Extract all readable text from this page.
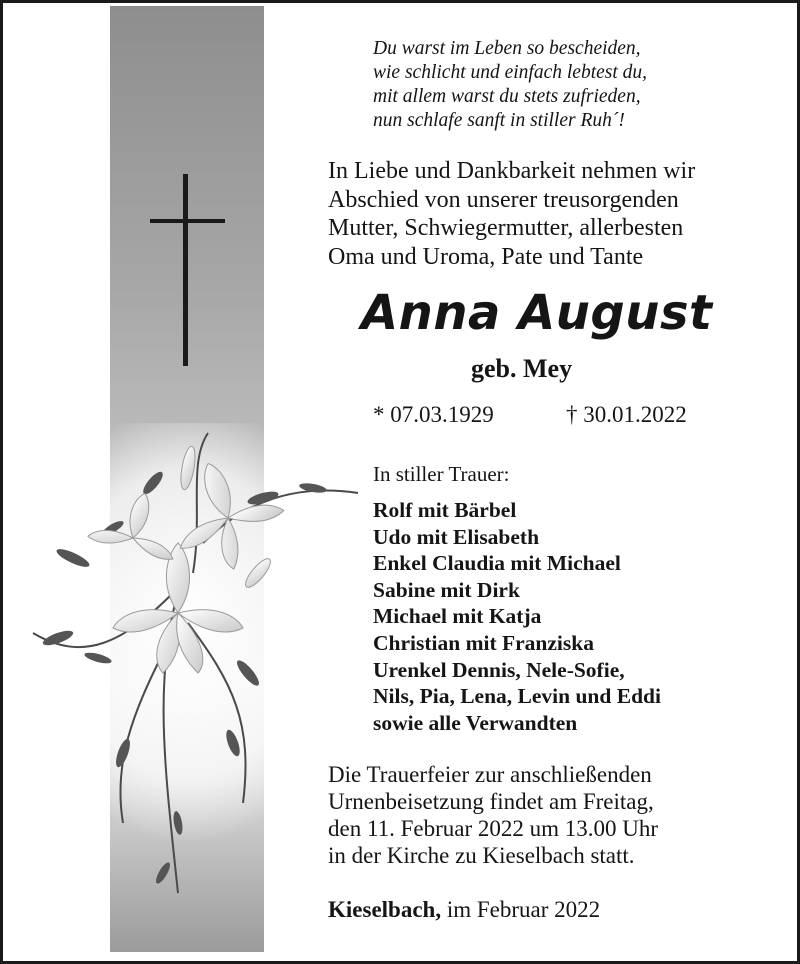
Du warst im Leben so bescheiden,
wie schlicht und einfach lebtest du,
mit allem warst du stets zufrieden,
nun schlafe sanft in stiller Ruh´!
In Liebe und Dankbarkeit nehmen wir
Abschied von unserer treusorgenden
Mutter, Schwiegermutter, allerbesten
Oma und Uroma, Pate und Tante
Anna August
geb. Mey
* 07.03.1929	† 30.01.2022
In stiller Trauer:
Rolf mit Bärbel
Udo mit Elisabeth
Enkel Claudia mit Michael
Sabine mit Dirk
Michael mit Katja
Christian mit Franziska
Urenkel Dennis, Nele-Sofie,
Nils, Pia, Lena, Levin und Eddi
sowie alle Verwandten
Die Trauerfeier zur anschließenden
Urnenbeisetzung findet am Freitag,
den 11. Februar 2022 um 13.00 Uhr
in der Kirche zu Kieselbach statt.
Kieselbach, im Februar 2022
